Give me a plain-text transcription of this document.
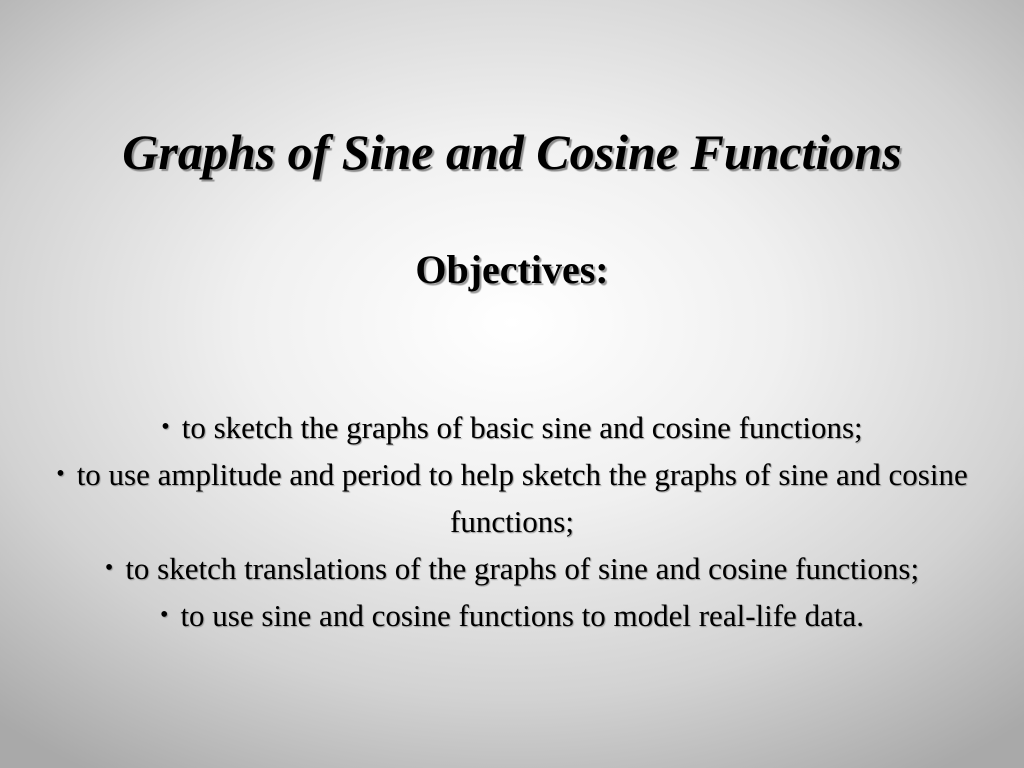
Graphs of Sine and Cosine Functions
Objectives:
• to sketch the graphs of basic sine and cosine functions;
• to use amplitude and period to help sketch the graphs of sine and cosine functions;
• to sketch translations of the graphs of sine and cosine functions;
• to use sine and cosine functions to model real-life data.
